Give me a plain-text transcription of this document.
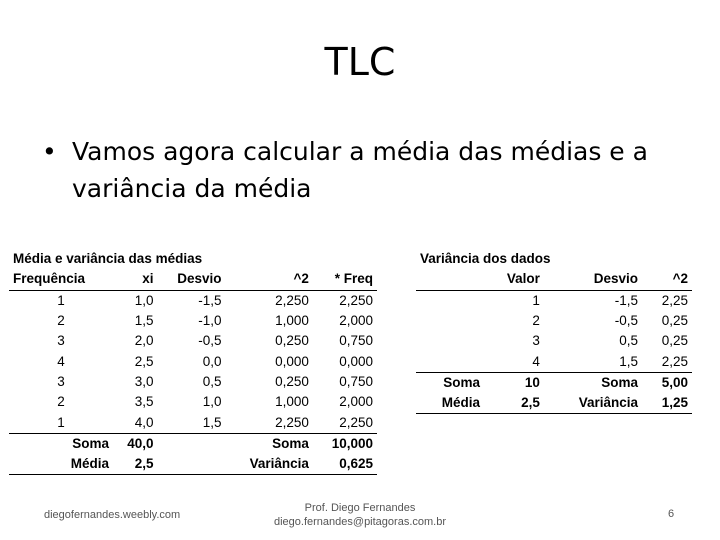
TLC
• Vamos agora calcular a média das médias e a variância da média
Média e variância das médias				
Frequência	xi	Desvio	^2	* Freq
1	1,0	-1,5	2,250	2,250
2	1,5	-1,0	1,000	2,000
3	2,0	-0,5	0,250	0,750
4	2,5	0,0	0,000	0,000
3	3,0	0,5	0,250	0,750
2	3,5	1,0	1,000	2,000
1	4,0	1,5	2,250	2,250
Soma	40,0		Soma	10,000
Média	2,5		Variância	0,625
Variância dos dados			
	Valor	Desvio	^2
	1	-1,5	2,25
	2	-0,5	0,25
	3	0,5	0,25
	4	1,5	2,25
Soma	10	Soma	5,00
Média	2,5	Variância	1,25
diegofernandes.weebly.com
Prof. Diego Fernandes
diego.fernandes@pitagoras.com.br
6
